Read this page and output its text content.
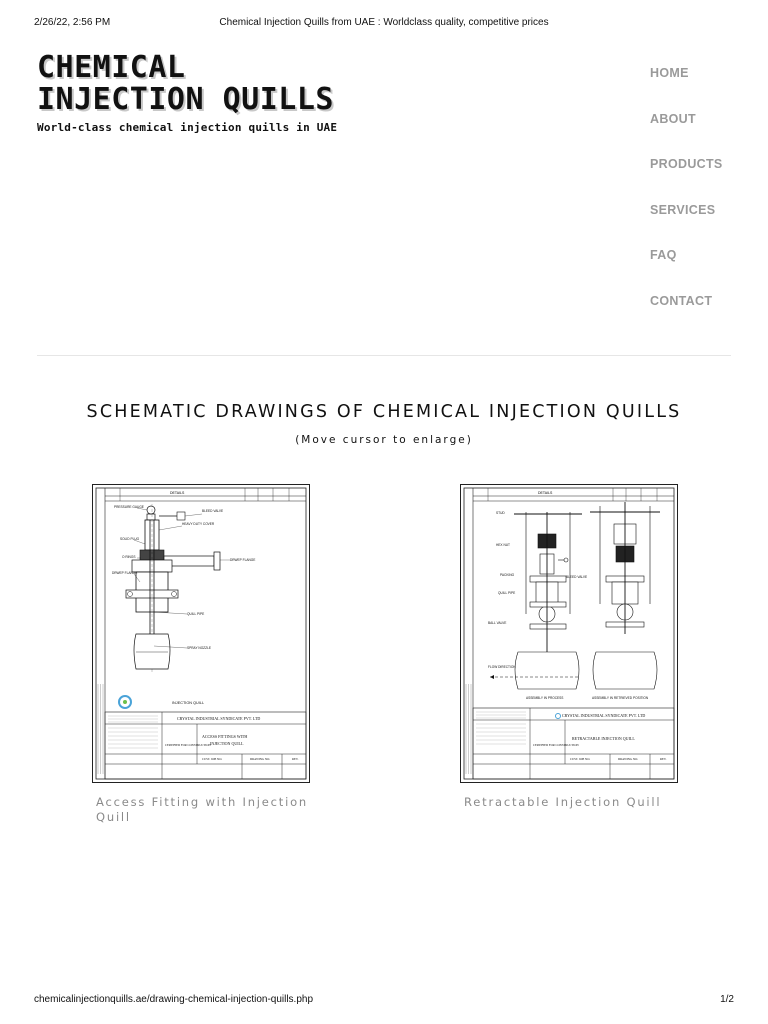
2/26/22, 2:56 PM	Chemical Injection Quills from UAE : Worldclass quality, competitive prices
CHEMICAL
INJECTION QUILLS
World-class chemical injection quills in UAE
HOME
ABOUT
PRODUCTS
SERVICES
FAQ
CONTACT
SCHEMATIC DRAWINGS OF CHEMICAL INJECTION QUILLS
(Move cursor to enlarge)
DETAILS
PRESSURE GAUGE
BLEED VALVE
HEAVY DUTY COVER
SOLID PLUG
O RINGS
DRWEP FLANGE
QUILL PIPE
SPRAY NOZZLE
DRWEP FLANGE
INJECTION QUILL
CRYSTAL INDUSTRIAL SYNDICATE PVT. LTD
ACCESS FITTINGS WITH
INJECTION QUILL
CERTIFIED FOR CONSTRUCTION
CUST. JOB NO.	DRAWING NO.	REV.
Access Fitting with Injection Quill
DETAILS
STUD
HEX NUT
PACKING	BLEED VALVE
QUILL PIPE
BALL VALVE
FLOW DIRECTION
ASSEMBLY IN PROCESS	ASSEMBLY IN RETRIEVED POSITION
CRYSTAL INDUSTRIAL SYNDICATE PVT. LTD
RETRACTABLE INJECTION QUILL
CERTIFIED FOR CONSTRUCTION
CUST. JOB NO.	DRAWING NO.	REV.
Retractable Injection Quill
chemicalinjectionquills.ae/drawing-chemical-injection-quills.php	1/2
